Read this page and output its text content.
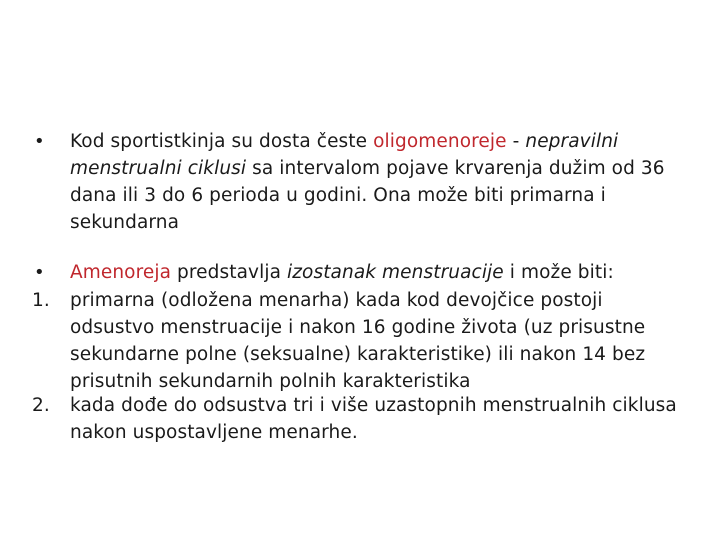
•	Kod sportistkinja su dosta česte oligomenoreje - nepravilni menstrualni ciklusi sa intervalom pojave krvarenja dužim od 36 dana ili 3 do 6 perioda u godini. Ona može biti primarna i sekundarna
•	Amenoreja predstavlja izostanak menstruacije i može biti:
1.	primarna (odložena menarha) kada kod devojčice postoji odsustvo menstruacije i nakon 16 godine života (uz prisustne sekundarne polne (seksualne) karakteristike) ili nakon 14 bez prisutnih sekundarnih polnih karakteristika
2.	kada dođe do odsustva tri i više uzastopnih menstrualnih ciklusa nakon uspostavljene menarhe.
